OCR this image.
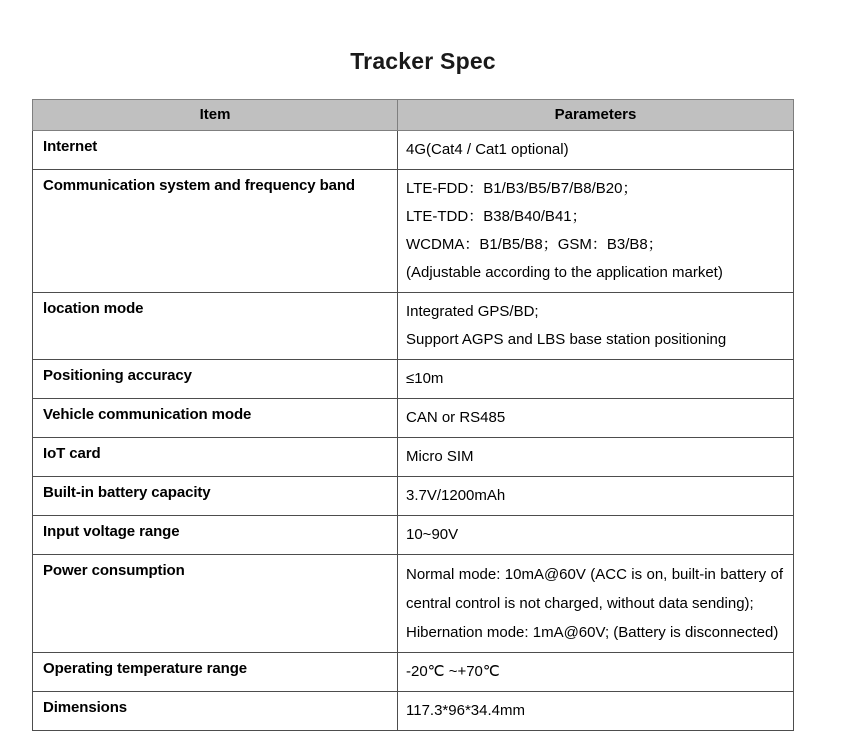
Tracker Spec
Item	Parameters
Internet	4G(Cat4 / Cat1 optional)

Communication system and frequency band	LTE-FDD：B1/B3/B5/B7/B8/B20；
LTE-TDD：B38/B40/B41；
WCDMA：B1/B5/B8；GSM：B3/B8；
(Adjustable according to the application market)

location mode	Integrated GPS/BD;
Support AGPS and LBS base station positioning

Positioning accuracy	≤10m

Vehicle communication mode	CAN or RS485

IoT card	Micro SIM

Built-in battery capacity	3.7V/1200mAh

Input voltage range	10~90V

Power consumption	Normal mode: 10mA@60V (ACC is on, built-in battery of central control is not charged, without data sending);
Hibernation mode: 1mA@60V; (Battery is disconnected)

Operating temperature range	-20℃ ~+70℃

Dimensions	117.3*96*34.4mm
